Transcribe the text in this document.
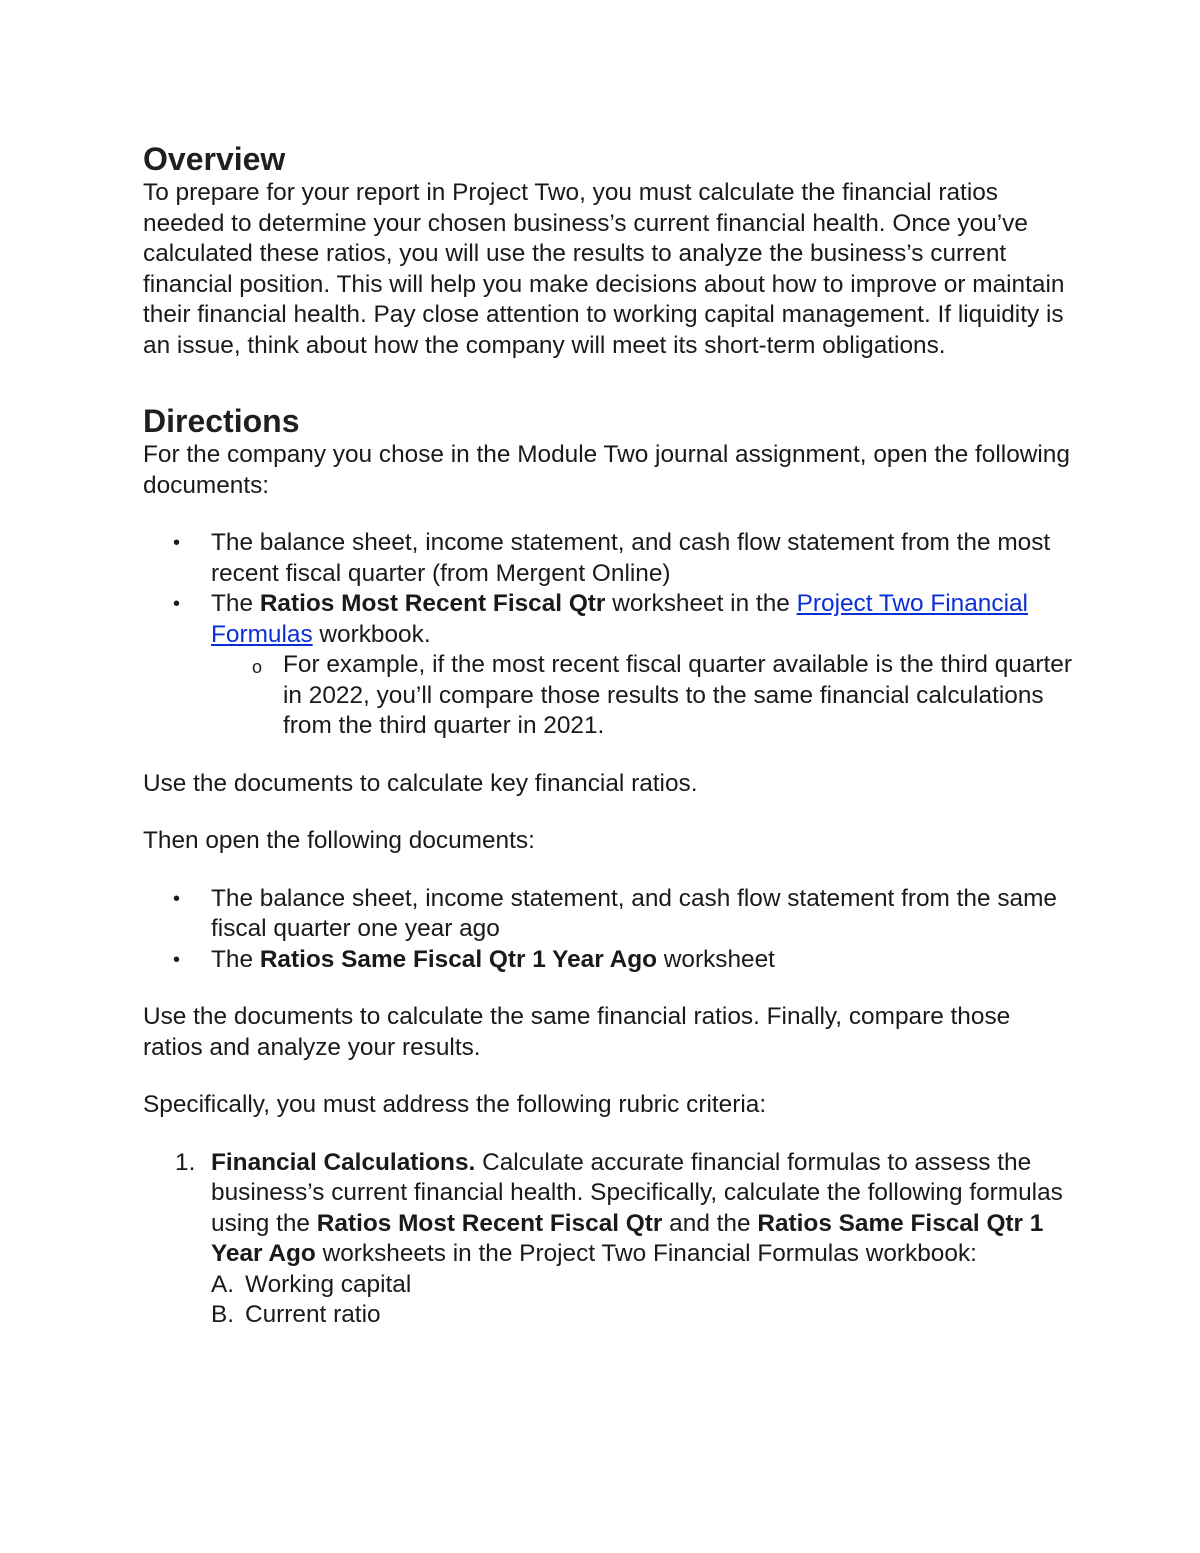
Overview

To prepare for your report in Project Two, you must calculate the financial ratios needed to determine your chosen business’s current financial health. Once you’ve calculated these ratios, you will use the results to analyze the business’s current financial position. This will help you make decisions about how to improve or maintain their financial health. Pay close attention to working capital management. If liquidity is an issue, think about how the company will meet its short-term obligations.

Directions

For the company you chose in the Module Two journal assignment, open the following documents:

• The balance sheet, income statement, and cash flow statement from the most recent fiscal quarter (from Mergent Online)
• The Ratios Most Recent Fiscal Qtr worksheet in the Project Two Financial Formulas workbook.
o For example, if the most recent fiscal quarter available is the third quarter in 2022, you’ll compare those results to the same financial calculations from the third quarter in 2021.

Use the documents to calculate key financial ratios.

Then open the following documents:

• The balance sheet, income statement, and cash flow statement from the same fiscal quarter one year ago
• The Ratios Same Fiscal Qtr 1 Year Ago worksheet

Use the documents to calculate the same financial ratios. Finally, compare those ratios and analyze your results.

Specifically, you must address the following rubric criteria:

1. Financial Calculations. Calculate accurate financial formulas to assess the business’s current financial health. Specifically, calculate the following formulas using the Ratios Most Recent Fiscal Qtr and the Ratios Same Fiscal Qtr 1 Year Ago worksheets in the Project Two Financial Formulas workbook:
A. Working capital
B. Current ratio
